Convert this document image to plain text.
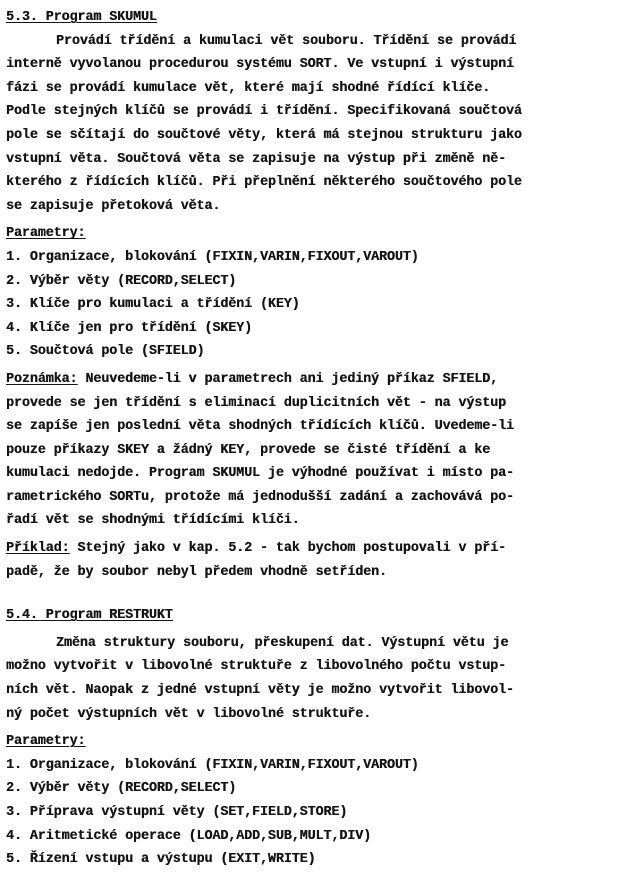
5.3. Program SKUMUL
Provádí třídění a kumulaci vět souboru. Třídění se provádí
interně vyvolanou procedurou systému SORT. Ve vstupní i výstupní
fázi se provádí kumulace vět, které mají shodné řídící klíče.
Podle stejných klíčů se provádí i třídění. Specifikovaná součtová
pole se sčítají do součtové věty, která má stejnou strukturu jako
vstupní věta. Součtová věta se zapisuje na výstup při změně ně-
kterého z řídících klíčů. Při přeplnění některého součtového pole
se zapisuje přetoková věta.
Parametry:
1. Organizace, blokování (FIXIN,VARIN,FIXOUT,VAROUT)
2. Výběr věty (RECORD,SELECT)
3. Klíče pro kumulaci a třídění (KEY)
4. Klíče jen pro třídění (SKEY)
5. Součtová pole (SFIELD)
Poznámka: Neuvedeme-li v parametrech ani jediný příkaz SFIELD,
provede se jen třídění s eliminací duplicitních vět - na výstup
se zapíše jen poslední věta shodných třídících klíčů. Uvedeme-li
pouze příkazy SKEY a žádný KEY, provede se čisté třídění a ke
kumulaci nedojde. Program SKUMUL je výhodné používat i místo pa-
rametrického SORTu, protože má jednodušší zadání a zachovává po-
řadí vět se shodnými třídícími klíči.
Příklad: Stejný jako v kap. 5.2 - tak bychom postupovali v pří-
padě, že by soubor nebyl předem vhodně setříden.
5.4. Program RESTRUKT
Změna struktury souboru, přeskupení dat. Výstupní větu je
možno vytvořit v libovolné struktuře z libovolného počtu vstup-
ních vět. Naopak z jedné vstupní věty je možno vytvořit libovol-
ný počet výstupních vět v libovolné struktuře.
Parametry:
1. Organizace, blokování (FIXIN,VARIN,FIXOUT,VAROUT)
2. Výběr věty (RECORD,SELECT)
3. Příprava výstupní věty (SET,FIELD,STORE)
4. Aritmetické operace (LOAD,ADD,SUB,MULT,DIV)
5. Řízení vstupu a výstupu (EXIT,WRITE)
